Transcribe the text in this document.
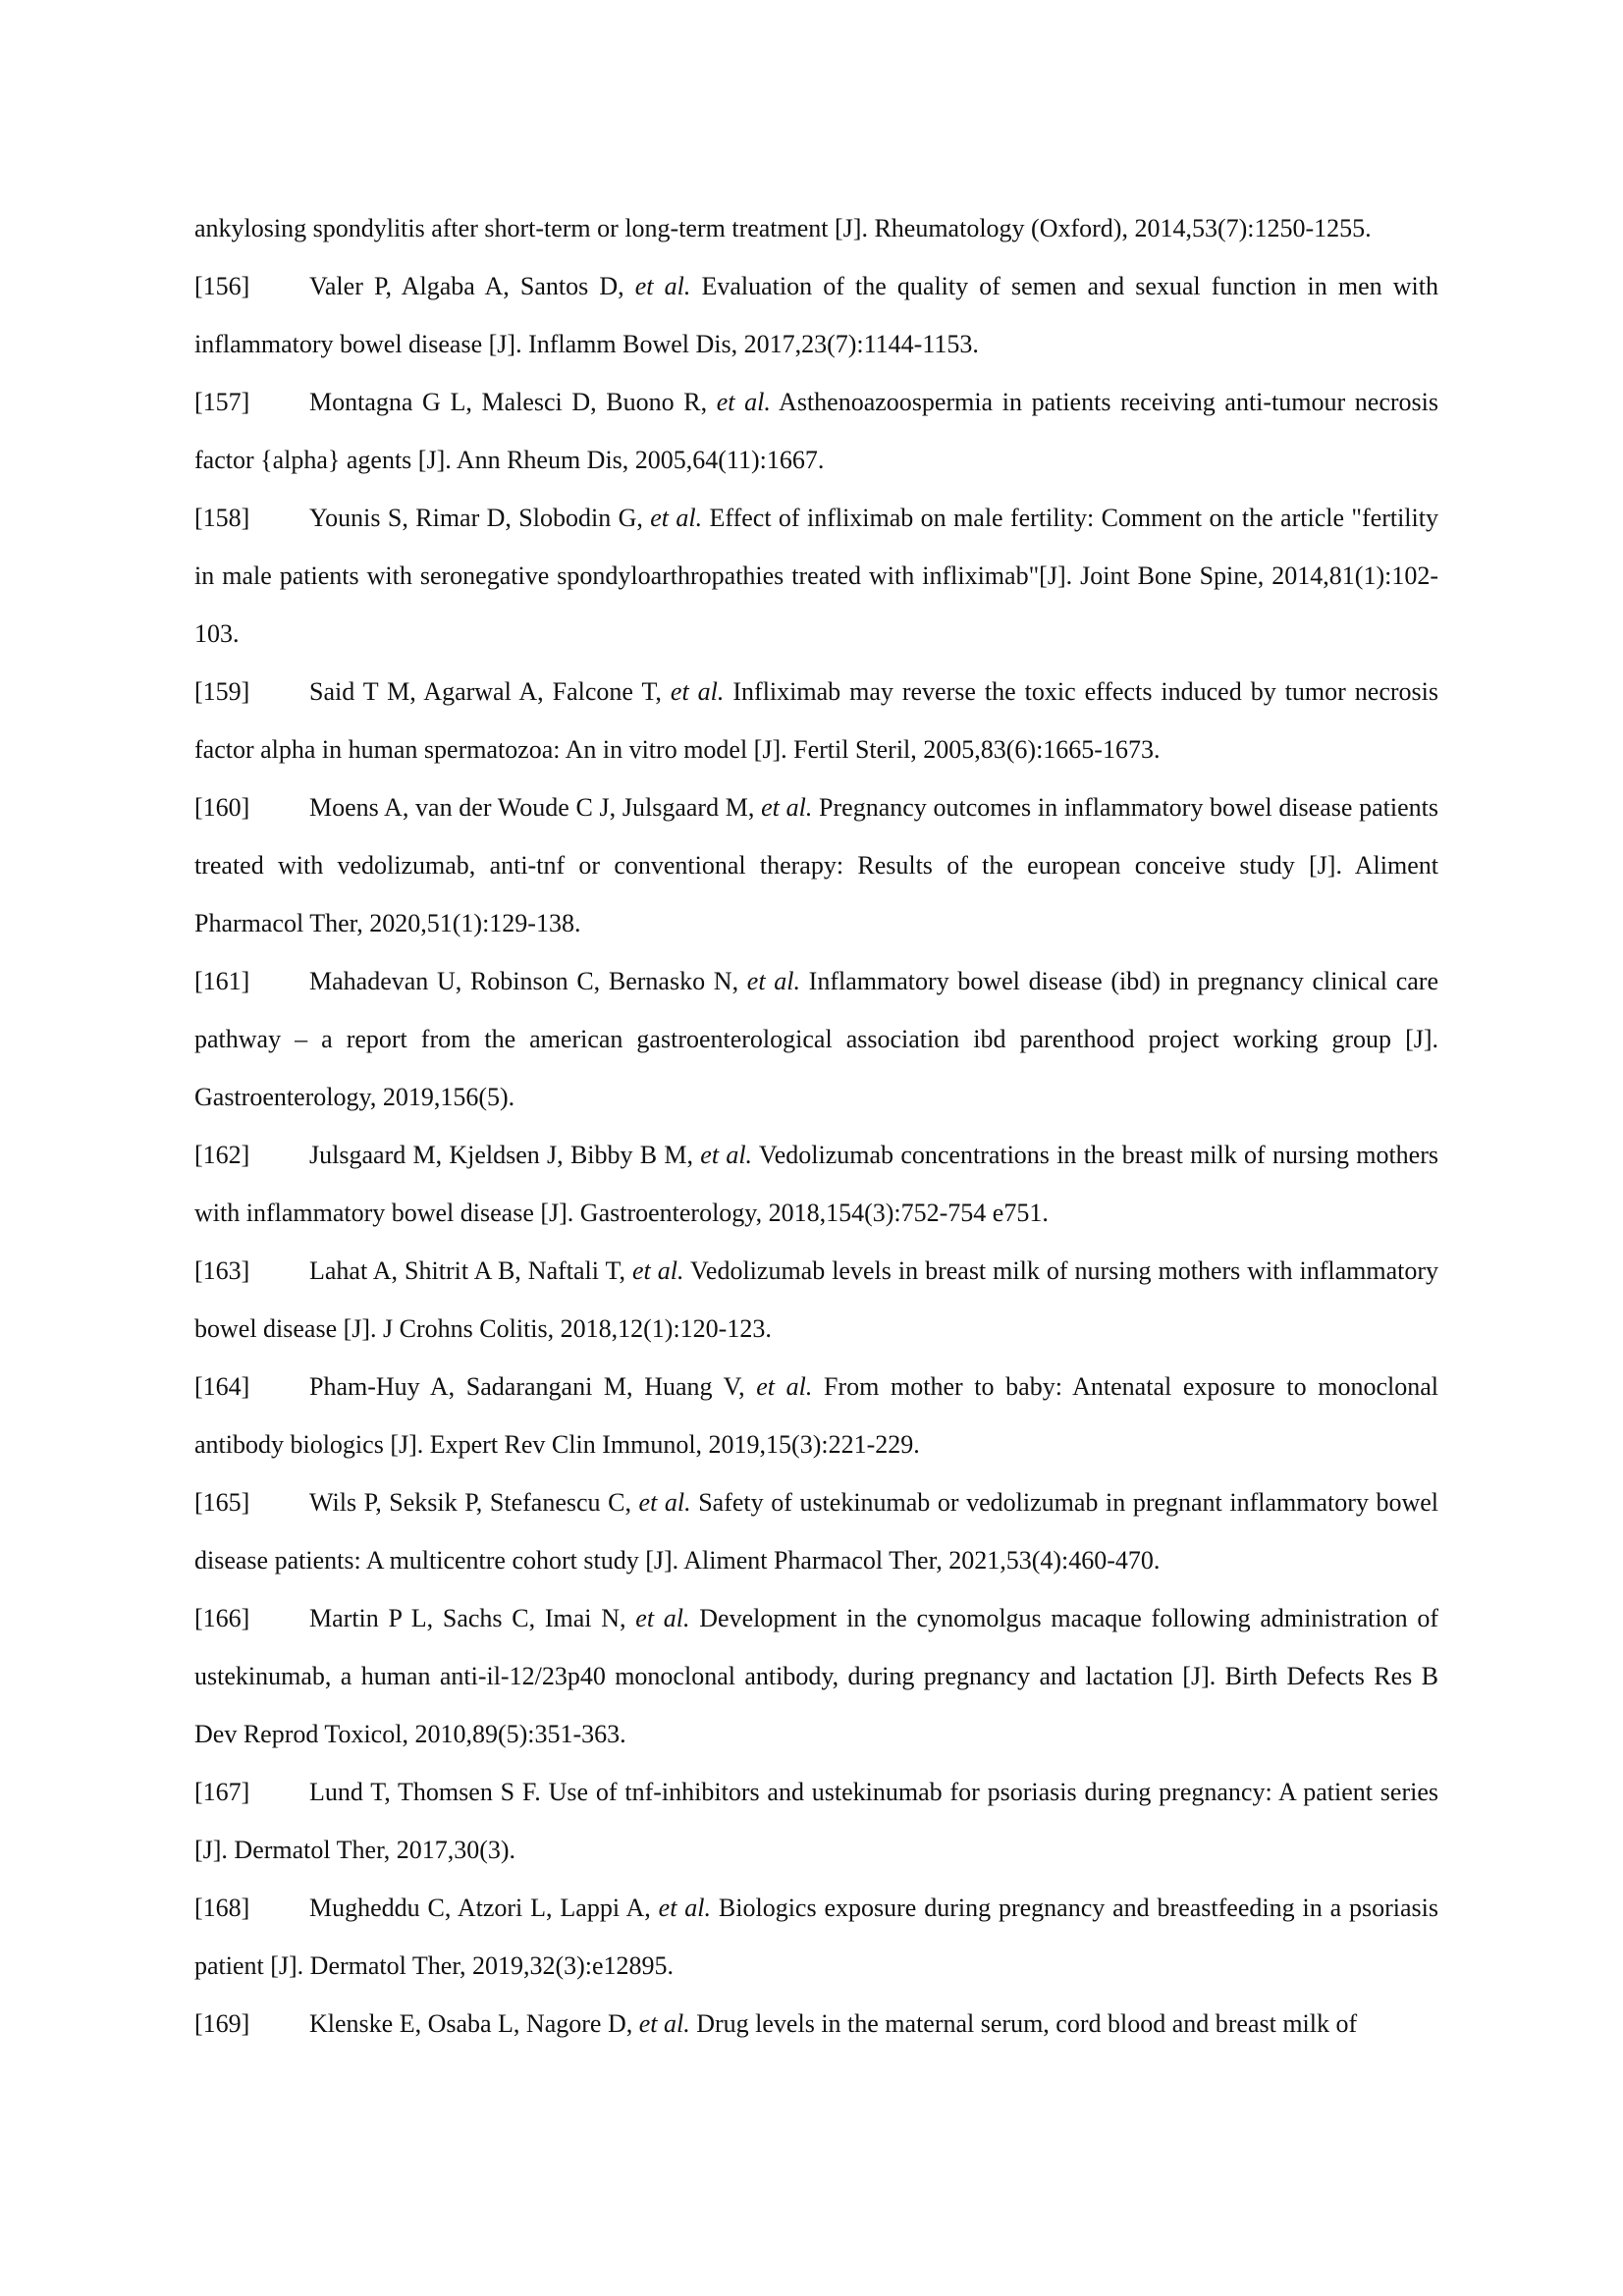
ankylosing spondylitis after short-term or long-term treatment [J]. Rheumatology (Oxford), 2014,53(7):1250-1255.

[156] Valer P, Algaba A, Santos D, et al. Evaluation of the quality of semen and sexual function in men with inflammatory bowel disease [J]. Inflamm Bowel Dis, 2017,23(7):1144-1153.

[157] Montagna G L, Malesci D, Buono R, et al. Asthenoazoospermia in patients receiving anti-tumour necrosis factor {alpha} agents [J]. Ann Rheum Dis, 2005,64(11):1667.

[158] Younis S, Rimar D, Slobodin G, et al. Effect of infliximab on male fertility: Comment on the article "fertility in male patients with seronegative spondyloarthropathies treated with infliximab"[J]. Joint Bone Spine, 2014,81(1):102-103.

[159] Said T M, Agarwal A, Falcone T, et al. Infliximab may reverse the toxic effects induced by tumor necrosis factor alpha in human spermatozoa: An in vitro model [J]. Fertil Steril, 2005,83(6):1665-1673.

[160] Moens A, van der Woude C J, Julsgaard M, et al. Pregnancy outcomes in inflammatory bowel disease patients treated with vedolizumab, anti-tnf or conventional therapy: Results of the european conceive study [J]. Aliment Pharmacol Ther, 2020,51(1):129-138.

[161] Mahadevan U, Robinson C, Bernasko N, et al. Inflammatory bowel disease (ibd) in pregnancy clinical care pathway – a report from the american gastroenterological association ibd parenthood project working group [J]. Gastroenterology, 2019,156(5).

[162] Julsgaard M, Kjeldsen J, Bibby B M, et al. Vedolizumab concentrations in the breast milk of nursing mothers with inflammatory bowel disease [J]. Gastroenterology, 2018,154(3):752-754 e751.

[163] Lahat A, Shitrit A B, Naftali T, et al. Vedolizumab levels in breast milk of nursing mothers with inflammatory bowel disease [J]. J Crohns Colitis, 2018,12(1):120-123.

[164] Pham-Huy A, Sadarangani M, Huang V, et al. From mother to baby: Antenatal exposure to monoclonal antibody biologics [J]. Expert Rev Clin Immunol, 2019,15(3):221-229.

[165] Wils P, Seksik P, Stefanescu C, et al. Safety of ustekinumab or vedolizumab in pregnant inflammatory bowel disease patients: A multicentre cohort study [J]. Aliment Pharmacol Ther, 2021,53(4):460-470.

[166] Martin P L, Sachs C, Imai N, et al. Development in the cynomolgus macaque following administration of ustekinumab, a human anti-il-12/23p40 monoclonal antibody, during pregnancy and lactation [J]. Birth Defects Res B Dev Reprod Toxicol, 2010,89(5):351-363.

[167] Lund T, Thomsen S F. Use of tnf-inhibitors and ustekinumab for psoriasis during pregnancy: A patient series [J]. Dermatol Ther, 2017,30(3).

[168] Mugheddu C, Atzori L, Lappi A, et al. Biologics exposure during pregnancy and breastfeeding in a psoriasis patient [J]. Dermatol Ther, 2019,32(3):e12895.

[169] Klenske E, Osaba L, Nagore D, et al. Drug levels in the maternal serum, cord blood and breast milk of
